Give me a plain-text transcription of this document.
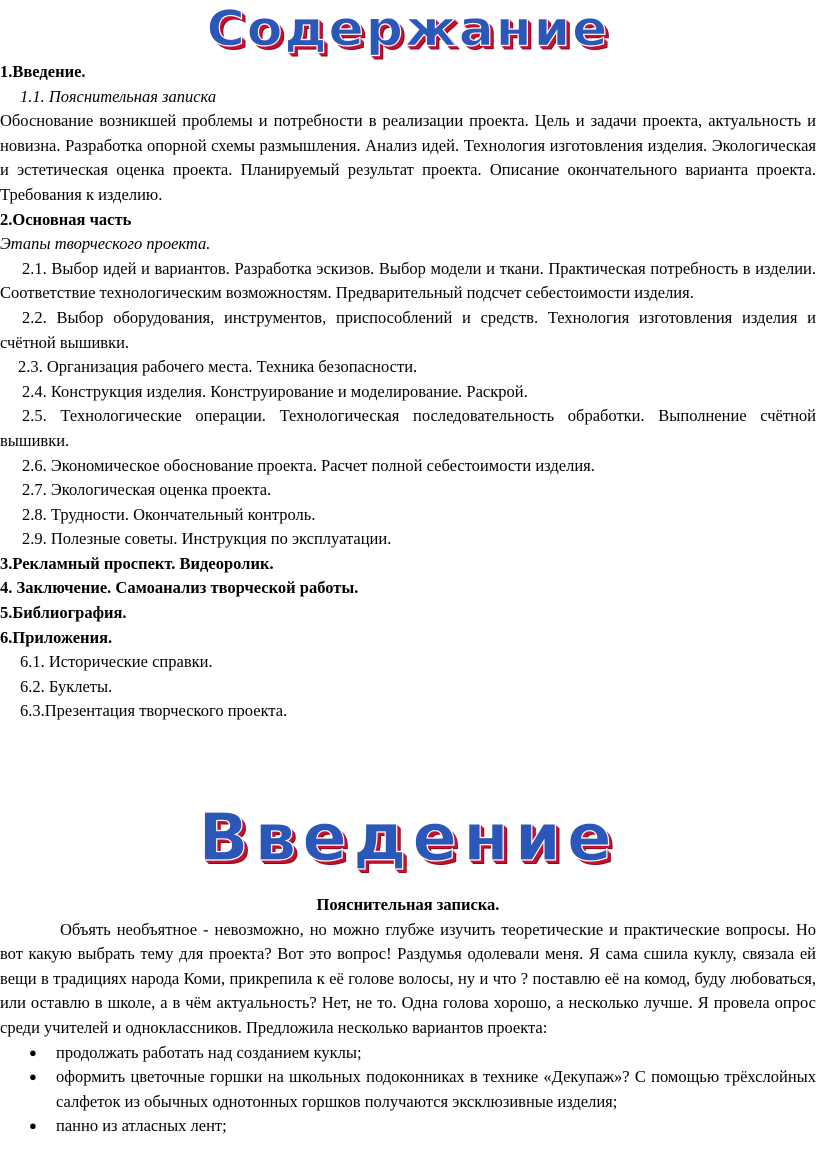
Содержание
1.Введение.
1.1. Пояснительная записка
Обоснование возникшей проблемы и потребности в реализации проекта. Цель и задачи проекта, актуальность и новизна. Разработка опорной схемы размышления. Анализ идей. Технология изготовления изделия. Экологическая и эстетическая оценка проекта. Планируемый результат проекта. Описание окончательного варианта проекта. Требования к изделию.
2.Основная часть
Этапы творческого проекта.
2.1. Выбор идей и вариантов. Разработка эскизов. Выбор модели и ткани. Практическая потребность в изделии. Соответствие технологическим возможностям. Предварительный подсчет себестоимости изделия.
2.2. Выбор оборудования, инструментов, приспособлений и средств. Технология изготовления изделия и счётной вышивки.
2.3. Организация рабочего места. Техника безопасности.
2.4. Конструкция изделия. Конструирование и моделирование. Раскрой.
2.5. Технологические операции. Технологическая последовательность обработки. Выполнение счётной вышивки.
2.6. Экономическое обоснование проекта. Расчет полной себестоимости изделия.
2.7. Экологическая оценка проекта.
2.8. Трудности. Окончательный контроль.
2.9. Полезные советы. Инструкция по эксплуатации.
3.Рекламный проспект. Видеоролик.
4. Заключение. Самоанализ творческой работы.
5.Библиография.
6.Приложения.
6.1. Исторические справки.
6.2. Буклеты.
6.3.Презентация творческого проекта.
Введение
Пояснительная записка.
Объять необъятное - невозможно, но можно глубже изучить теоретические и практические вопросы. Но вот какую выбрать тему для проекта? Вот это вопрос! Раздумья одолевали меня. Я сама сшила куклу, связала ей вещи в традициях народа Коми, прикрепила к её голове волосы, ну и что ? поставлю её на комод, буду любоваться, или оставлю в школе, а в чём актуальность? Нет, не то. Одна голова хорошо, а несколько лучше. Я провела опрос среди учителей и одноклассников. Предложила несколько вариантов проекта:
● продолжать работать над созданием куклы;
● оформить цветочные горшки на школьных подоконниках в технике «Декупаж»? С помощью трёхслойных салфеток из обычных однотонных горшков получаются эксклюзивные изделия;
● панно из атласных лент;
